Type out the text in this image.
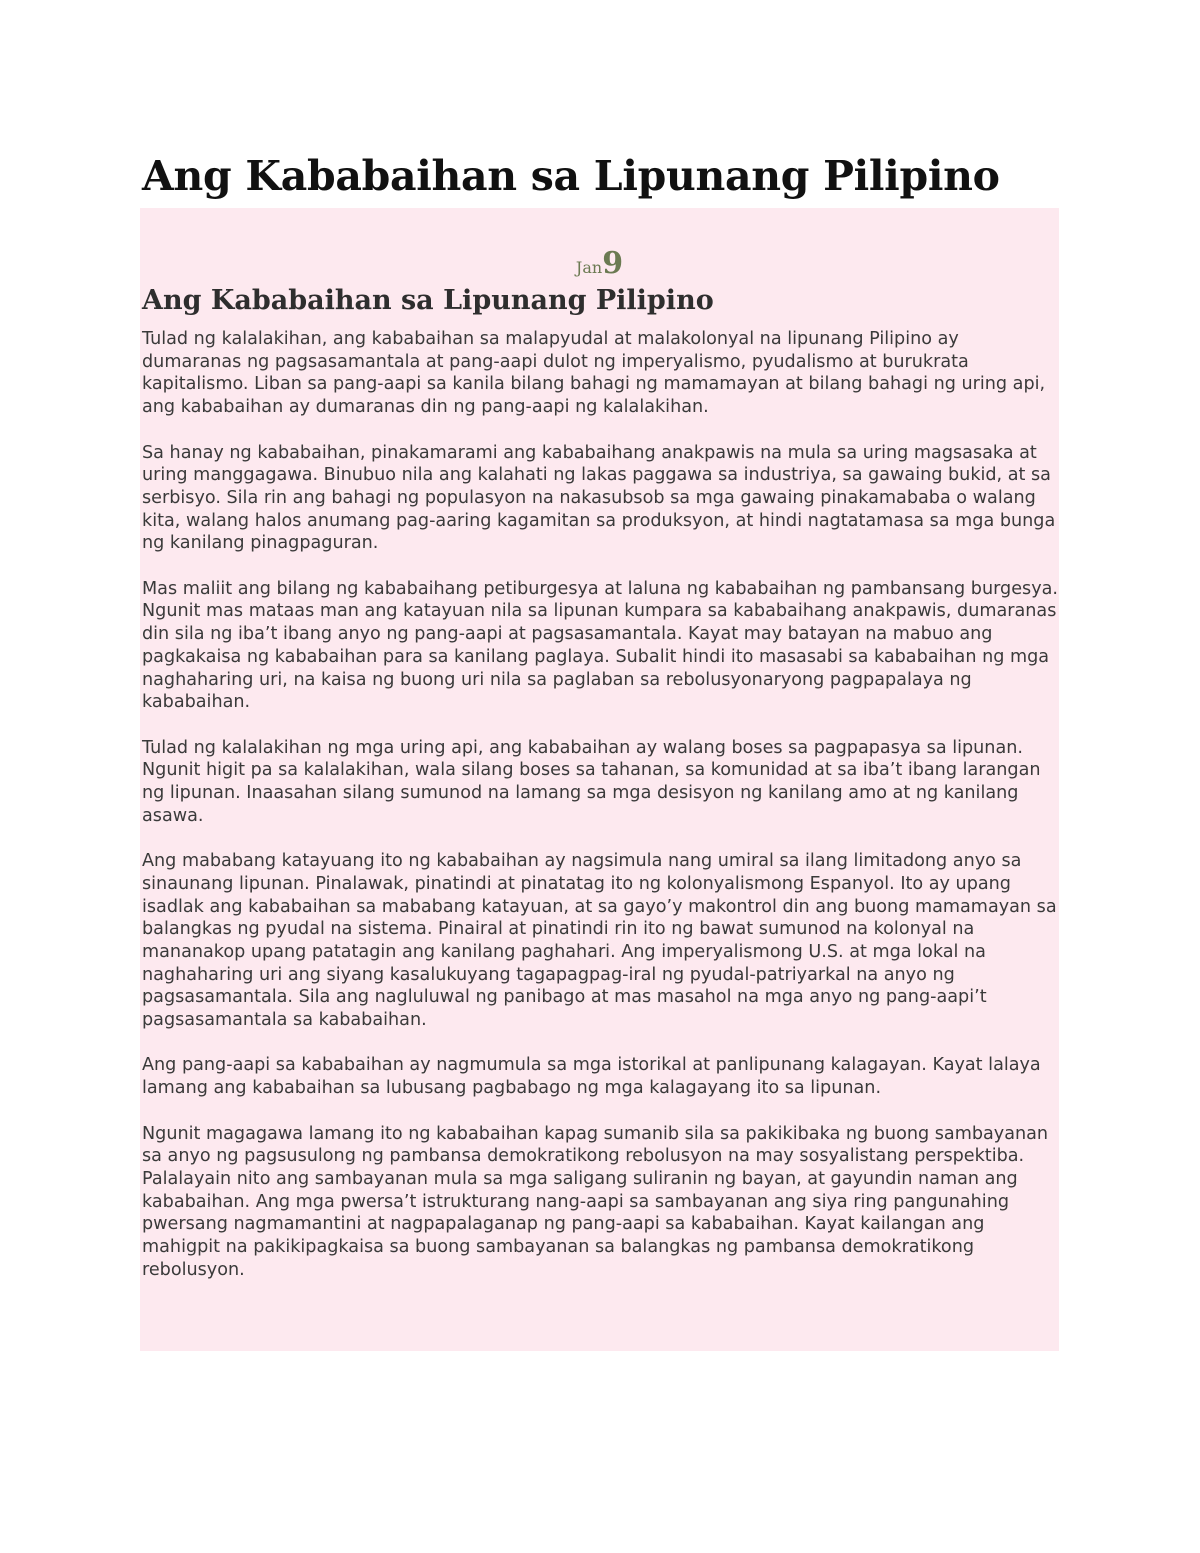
Ang Kababaihan sa Lipunang Pilipino
Jan9
Ang Kababaihan sa Lipunang Pilipino

Tulad ng kalalakihan, ang kababaihan sa malapyudal at malakolonyal na lipunang Pilipino ay dumaranas ng pagsasamantala at pang-aapi dulot ng imperyalismo, pyudalismo at burukrata kapitalismo. Liban sa pang-aapi sa kanila bilang bahagi ng mamamayan at bilang bahagi ng uring api, ang kababaihan ay dumaranas din ng pang-aapi ng kalalakihan.

Sa hanay ng kababaihan, pinakamarami ang kababaihang anakpawis na mula sa uring magsasaka at uring manggagawa. Binubuo nila ang kalahati ng lakas paggawa sa industriya, sa gawaing bukid, at sa serbisyo. Sila rin ang bahagi ng populasyon na nakasubsob sa mga gawaing pinakamababa o walang kita, walang halos anumang pag-aaring kagamitan sa produksyon, at hindi nagtatamasa sa mga bunga ng kanilang pinagpaguran.

Mas maliit ang bilang ng kababaihang petiburgesya at laluna ng kababaihan ng pambansang burgesya. Ngunit mas mataas man ang katayuan nila sa lipunan kumpara sa kababaihang anakpawis, dumaranas din sila ng iba’t ibang anyo ng pang-aapi at pagsasamantala. Kayat may batayan na mabuo ang pagkakaisa ng kababaihan para sa kanilang paglaya. Subalit hindi ito masasabi sa kababaihan ng mga naghaharing uri, na kaisa ng buong uri nila sa paglaban sa rebolusyonaryong pagpapalaya ng kababaihan.

Tulad ng kalalakihan ng mga uring api, ang kababaihan ay walang boses sa pagpapasya sa lipunan. Ngunit higit pa sa kalalakihan, wala silang boses sa tahanan, sa komunidad at sa iba’t ibang larangan ng lipunan. Inaasahan silang sumunod na lamang sa mga desisyon ng kanilang amo at ng kanilang asawa.

Ang mababang katayuang ito ng kababaihan ay nagsimula nang umiral sa ilang limitadong anyo sa sinaunang lipunan. Pinalawak, pinatindi at pinatatag ito ng kolonyalismong Espanyol. Ito ay upang isadlak ang kababaihan sa mababang katayuan, at sa gayo’y makontrol din ang buong mamamayan sa balangkas ng pyudal na sistema. Pinairal at pinatindi rin ito ng bawat sumunod na kolonyal na mananakop upang patatagin ang kanilang paghahari. Ang imperyalismong U.S. at mga lokal na naghaharing uri ang siyang kasalukuyang tagapagpag-iral ng pyudal-patriyarkal na anyo ng pagsasamantala. Sila ang nagluluwal ng panibago at mas masahol na mga anyo ng pang-aapi’t pagsasamantala sa kababaihan.

Ang pang-aapi sa kababaihan ay nagmumula sa mga istorikal at panlipunang kalagayan. Kayat lalaya lamang ang kababaihan sa lubusang pagbabago ng mga kalagayang ito sa lipunan.

Ngunit magagawa lamang ito ng kababaihan kapag sumanib sila sa pakikibaka ng buong sambayanan sa anyo ng pagsusulong ng pambansa demokratikong rebolusyon na may sosyalistang perspektiba. Palalayain nito ang sambayanan mula sa mga saligang suliranin ng bayan, at gayundin naman ang kababaihan. Ang mga pwersa’t istrukturang nang-aapi sa sambayanan ang siya ring pangunahing pwersang nagmamantini at nagpapalaganap ng pang-aapi sa kababaihan. Kayat kailangan ang mahigpit na pakikipagkaisa sa buong sambayanan sa balangkas ng pambansa demokratikong rebolusyon.
